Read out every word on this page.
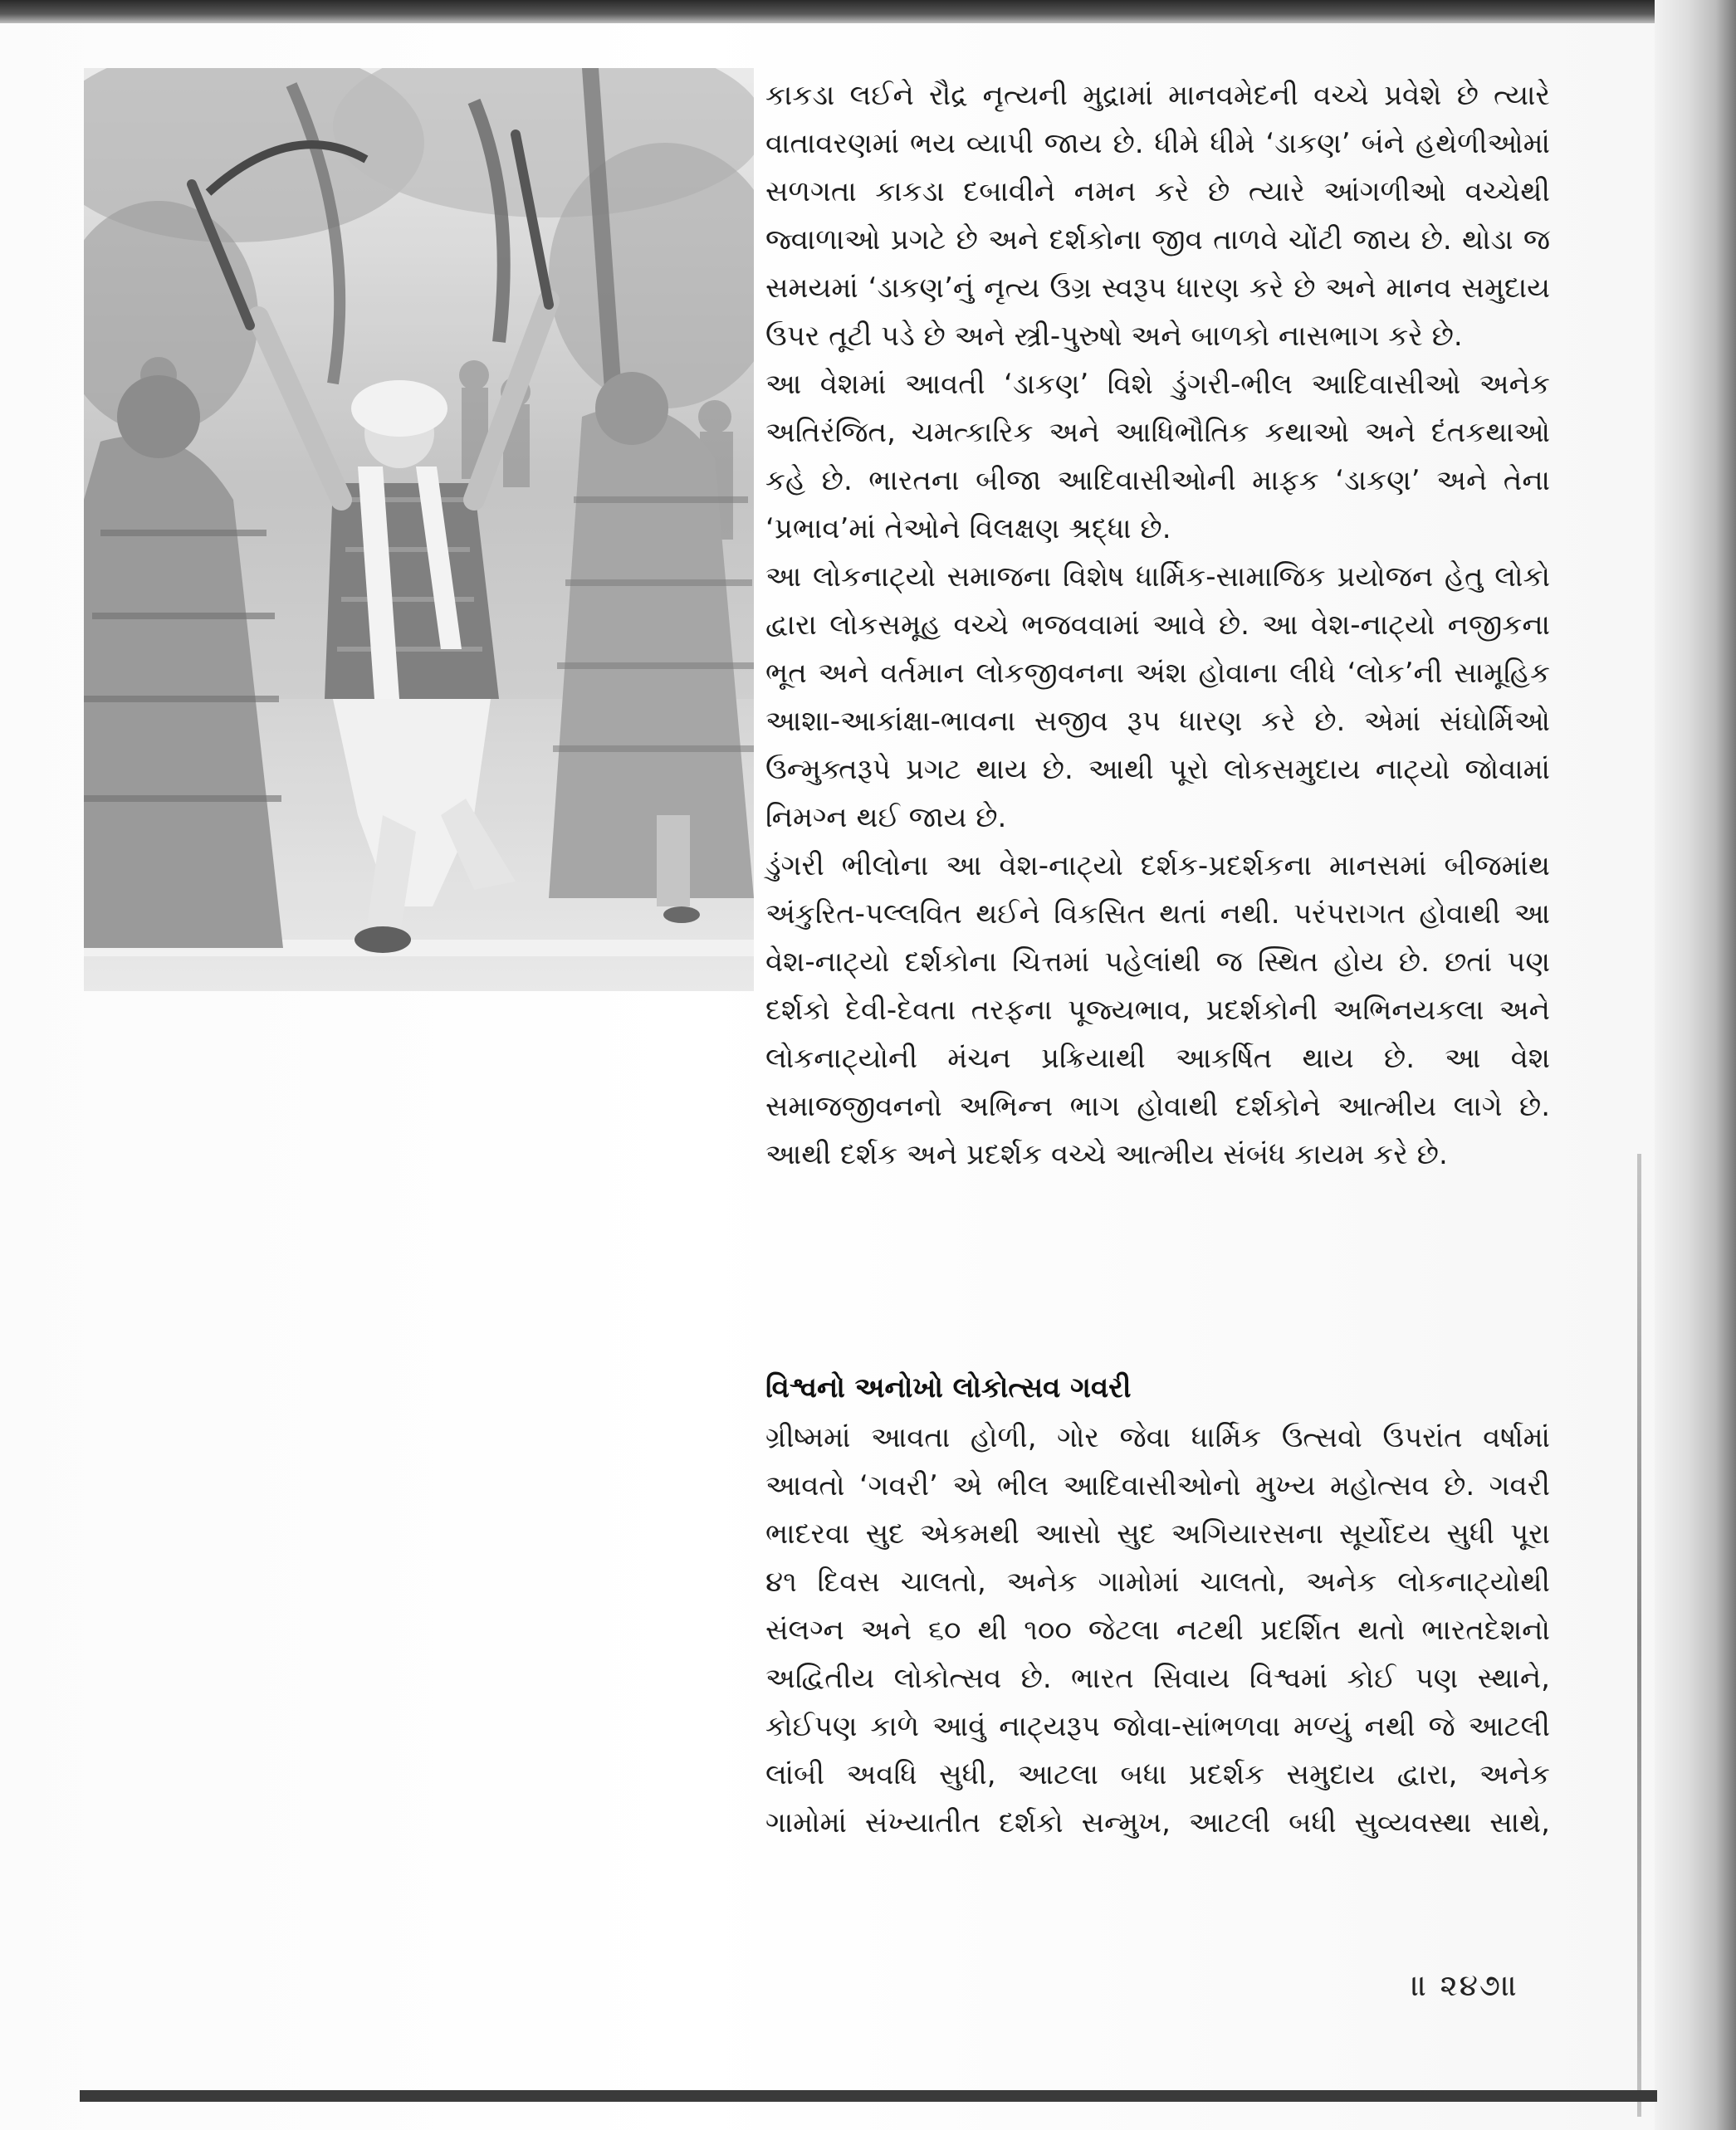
કાકડા લઈને રૌદ્ર નૃત્યની મુદ્રામાં માનવમેદની વચ્ચે પ્રવેશે છે ત્યારે
વાતાવરણમાં ભય વ્યાપી જાય છે. ધીમે ધીમે ‘ડાકણ’ બંને હથેળીઓમાં
સળગતા કાકડા દબાવીને નમન કરે છે ત્યારે આંગળીઓ વચ્ચેથી
જ્વાળાઓ પ્રગટે છે અને દર્શકોના જીવ તાળવે ચોંટી જાય છે. થોડા જ
સમયમાં ‘ડાકણ’નું નૃત્ય ઉગ્ર સ્વરૂપ ધારણ કરે છે અને માનવ સમુદાય
ઉપર તૂટી પડે છે અને સ્ત્રી-પુરુષો અને બાળકો નાસભાગ કરે છે.
આ વેશમાં આવતી ‘ડાકણ’ વિશે ડુંગરી-ભીલ આદિવાસીઓ અનેક
અતિરંજિત, ચમત્કારિક અને આધિભૌતિક કથાઓ અને દંતકથાઓ
કહે છે. ભારતના બીજા આદિવાસીઓની માફક ‘ડાકણ’ અને તેના
‘પ્રભાવ’માં તેઓને વિલક્ષણ શ્રદ્ધા છે.
આ લોકનાટ્યો સમાજના વિશેષ ધાર્મિક-સામાજિક પ્રયોજન હેતુ લોકો
દ્વારા લોકસમૂહ વચ્ચે ભજવવામાં આવે છે. આ વેશ-નાટ્યો નજીકના
ભૂત અને વર્તમાન લોકજીવનના અંશ હોવાના લીધે ‘લોક’ની સામૂહિક
આશા-આકાંક્ષા-ભાવના સજીવ રૂપ ધારણ કરે છે. એમાં સંઘોર્મિઓ
ઉન્મુક્તરૂપે પ્રગટ થાય છે. આથી પૂરો લોકસમુદાય નાટ્યો જોવામાં
નિમગ્ન થઈ જાય છે.
ડુંગરી ભીલોના આ વેશ-નાટ્યો દર્શક-પ્રદર્શકના માનસમાં બીજમાંથ
અંકુરિત-પલ્લવિત થઈને વિકસિત થતાં નથી. પરંપરાગત હોવાથી આ
વેશ-નાટ્યો દર્શકોના ચિત્તમાં પહેલાંથી જ સ્થિત હોય છે. છતાં પણ
દર્શકો દેવી-દેવતા તરફના પૂજ્યભાવ, પ્રદર્શકોની અભિનયકલા અને
લોકનાટ્યોની મંચન પ્રક્રિયાથી આકર્ષિત થાય છે. આ વેશ
સમાજજીવનનો અભિન્ન ભાગ હોવાથી દર્શકોને આત્મીય લાગે છે.
આથી દર્શક અને પ્રદર્શક વચ્ચે આત્મીય સંબંધ કાયમ કરે છે.
વિશ્વનો અનોખો લોકોત્સવ ગવરી
ગ્રીષ્મમાં આવતા હોળી, ગોર જેવા ધાર્મિક ઉત્સવો ઉપરાંત વર્ષામાં
આવતો ‘ગવરી’ એ ભીલ આદિવાસીઓનો મુખ્ય મહોત્સવ છે. ગવરી
ભાદરવા સુદ એકમથી આસો સુદ અગિયારસના સૂર્યોદય સુધી પૂરા
૪૧ દિવસ ચાલતો, અનેક ગામોમાં ચાલતો, અનેક લોકનાટ્યોથી
સંલગ્ન અને ૬૦ થી ૧૦૦ જેટલા નટથી પ્રદર્શિત થતો ભારતદેશનો
અદ્વિતીય લોકોત્સવ છે. ભારત સિવાય વિશ્વમાં કોઈ પણ સ્થાને,
કોઈપણ કાળે આવું નાટ્યરૂપ જોવા-સાંભળવા મળ્યું નથી જે આટલી
લાંબી અવધિ સુધી, આટલા બધા પ્રદર્શક સમુદાય દ્વારા, અનેક
ગામોમાં સંખ્યાતીત દર્શકો સન્મુખ, આટલી બધી સુવ્યવસ્થા સાથે,
॥ ૨૪૭॥
